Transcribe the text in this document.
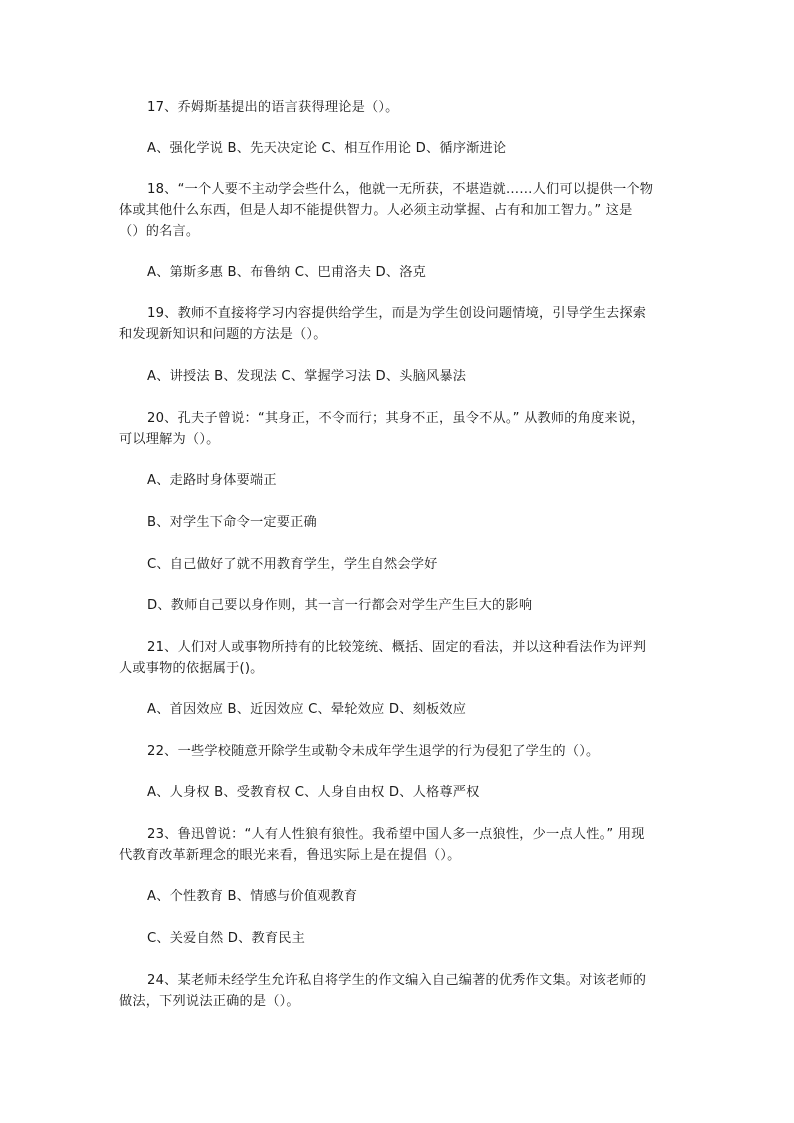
17、乔姆斯基提出的语言获得理论是（）。
A、强化学说 B、先天决定论 C、相互作用论 D、循序渐进论
18、“一个人要不主动学会些什么，他就一无所获，不堪造就……人们可以提供一个物
体或其他什么东西，但是人却不能提供智力。人必须主动掌握、占有和加工智力。” 这是
（）的名言。
A、第斯多惠 B、布鲁纳 C、巴甫洛夫 D、洛克
19、教师不直接将学习内容提供给学生，而是为学生创设问题情境，引导学生去探索
和发现新知识和问题的方法是（）。
A、讲授法 B、发现法 C、掌握学习法 D、头脑风暴法
20、孔夫子曾说：“其身正，不令而行；其身不正，虽令不从。” 从教师的角度来说，
可以理解为（）。
A、走路时身体要端正
B、对学生下命令一定要正确
C、自己做好了就不用教育学生，学生自然会学好
D、教师自己要以身作则，其一言一行都会对学生产生巨大的影响
21、人们对人或事物所持有的比较笼统、概括、固定的看法，并以这种看法作为评判
人或事物的依据属于()。
A、首因效应 B、近因效应 C、晕轮效应 D、刻板效应
22、一些学校随意开除学生或勒令未成年学生退学的行为侵犯了学生的（）。
A、人身权 B、受教育权 C、人身自由权 D、人格尊严权
23、鲁迅曾说：“人有人性狼有狼性。我希望中国人多一点狼性，少一点人性。” 用现
代教育改革新理念的眼光来看，鲁迅实际上是在提倡（）。
A、个性教育 B、情感与价值观教育
C、关爱自然 D、教育民主
24、某老师未经学生允许私自将学生的作文编入自己编著的优秀作文集。对该老师的
做法，下列说法正确的是（）。
